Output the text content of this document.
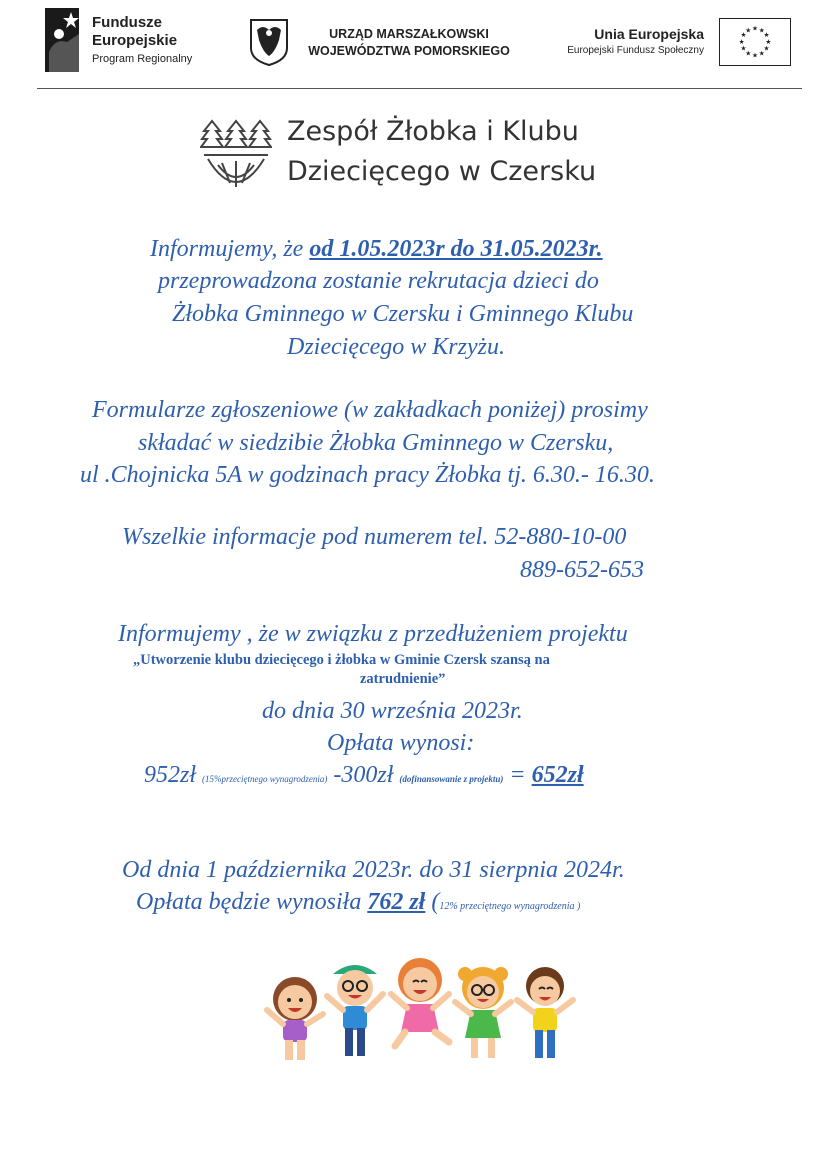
Fundusze
Europejskie
Program Regionalny
URZĄD MARSZAŁKOWSKI
WOJEWÓDZTWA POMORSKIEGO
Unia Europejska
Europejski Fundusz Społeczny
★ ★
★
★
★
★
★
★
★
★
★
★
Zespół Żłobka i Klubu
Dziecięcego w Czersku
Informujemy, że od 1.05.2023r do 31.05.2023r.
przeprowadzona zostanie rekrutacja dzieci do
Żłobka Gminnego w Czersku i Gminnego Klubu
Dziecięcego w Krzyżu.
Formularze zgłoszeniowe (w zakładkach poniżej) prosimy
składać w siedzibie Żłobka Gminnego w Czersku,
ul .Chojnicka 5A w godzinach pracy Żłobka tj. 6.30.- 16.30.
Wszelkie informacje pod numerem tel. 52-880-10-00
889-652-653
Informujemy , że w związku z przedłużeniem projektu
„Utworzenie klubu dziecięcego i żłobka w Gminie Czersk szansą na
zatrudnienie”
do dnia 30 września 2023r.
Opłata wynosi:
952zł (15%przeciętnego wynagrodzenia) -300zł (dofinansowanie z projektu) = 652zł
Od dnia 1 października 2023r. do 31 sierpnia 2024r.
Opłata będzie wynosiła 762 zł (12% przeciętnego wynagrodzenia )
